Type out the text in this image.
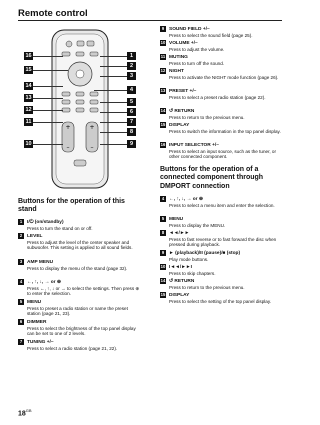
Remote control
+
–
+
–
16
15
14
13
12
11
10
1
2
3
4
5
6
7
8
9
Buttons for the operation of this stand
1 I/⏻ (on/standby)
Press to turn the stand on or off.
2 LEVEL
Press to adjust the level of the center speaker and subwoofer. This setting is applied to all sound fields.
3 AMP MENU
Press to display the menu of the stand (page 32).
4 ←, ↑, ↓, → or ⊕
Press ←, ↑, ↓ or → to select the settings. Then press ⊕ to enter the selection.
5 MENU
Press to preset a radio station or name the preset station (page 21, 23).
6 DIMMER
Press to select the brightness of the top panel display can be set to one of 2 levels.
7 TUNING +/–
Press to select a radio station (page 21, 22).
9 SOUND FIELD +/–
Press to select the sound field (page 25).
10 VOLUME +/–
Press to adjust the volume.
11 MUTING
Press to turn off the sound.
12 NIGHT
Press to activate the NIGHT mode function (page 26).
13 PRESET +/–
Press to select a preset radio station (page 22).
14 ↺ RETURN
Press to return to the previous menu.
15 DISPLAY
Press to switch the information in the top panel display.
16 INPUT SELECTOR +/–
Press to select an input source, such as the tuner, or other connected component.
Buttons for the operation of a connected component through DMPORT connection
4 ←, ↑, ↓, → or ⊕
Press to select a menu item and enter the selection.
5 MENU
Press to display the MENU.
8 ◄◄/►►
Press to fast reverse or to fast forward the disc when pressed during playback.
9 ► (playback)/II (pause)/■ (stop)
Play mode buttons.
10 I◄◄/►►I
Press to skip chapters.
14 ↺ RETURN
Press to return to the previous menu.
15 DISPLAY
Press to select the setting of the top panel display.
$18^{GB}$
